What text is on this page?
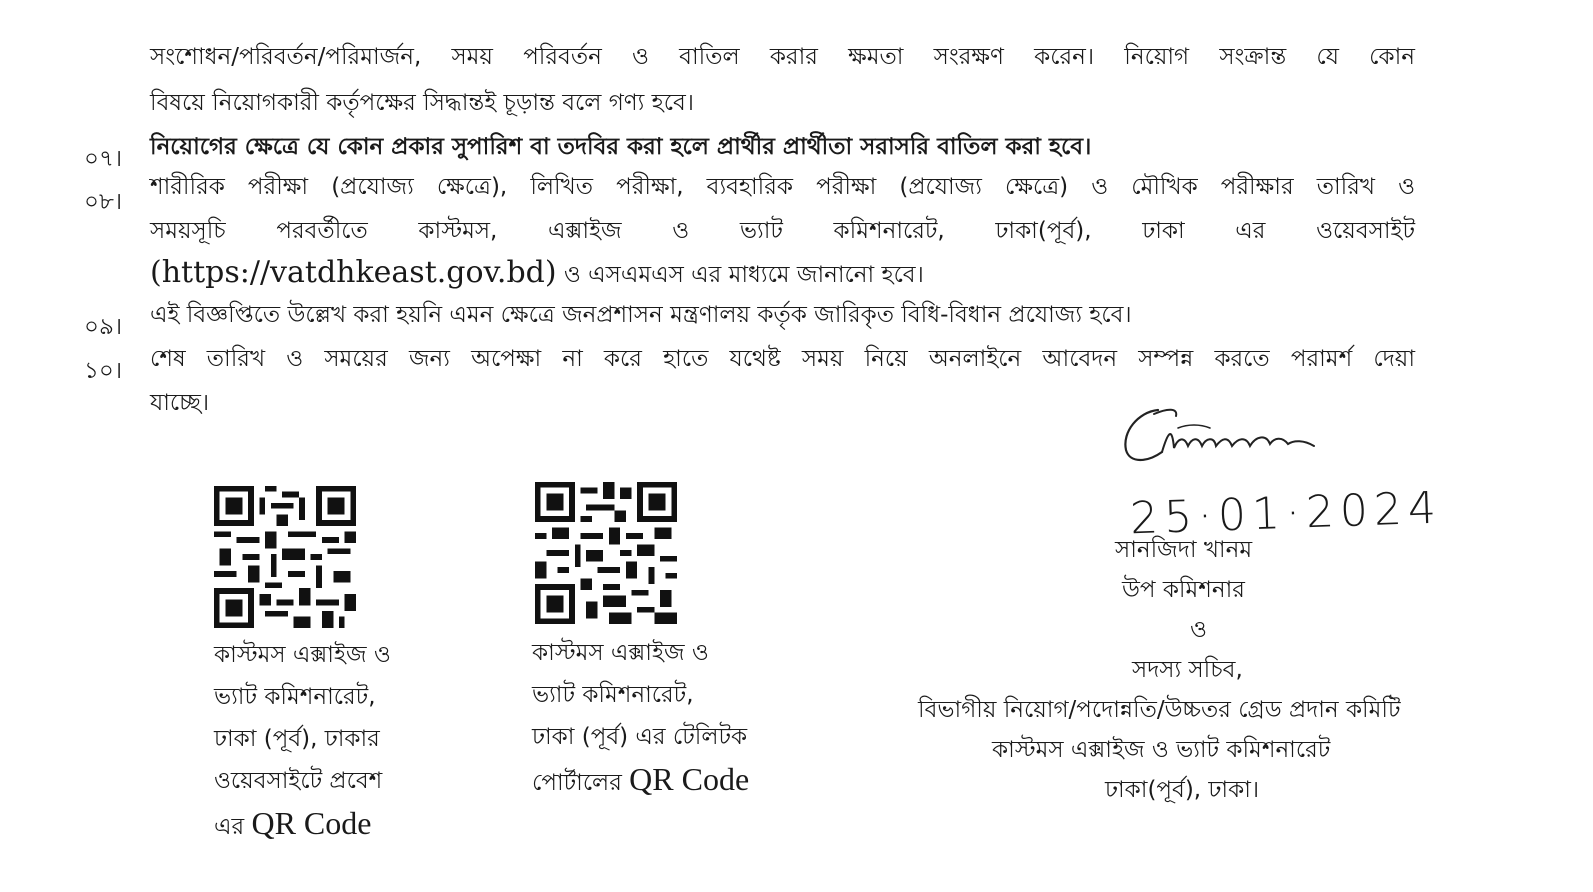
সংশোধন/পরিবর্তন/পরিমার্জন, সময় পরিবর্তন ও বাতিল করার ক্ষমতা সংরক্ষণ করেন। নিয়োগ সংক্রান্ত যে কোন
বিষয়ে নিয়োগকারী কর্তৃপক্ষের সিদ্ধান্তই চূড়ান্ত বলে গণ্য হবে।
০৭। নিয়োগের ক্ষেত্রে যে কোন প্রকার সুপারিশ বা তদবির করা হলে প্রার্থীর প্রার্থীতা সরাসরি বাতিল করা হবে।
০৮।
শারীরিক পরীক্ষা (প্রযোজ্য ক্ষেত্রে), লিখিত পরীক্ষা, ব্যবহারিক পরীক্ষা (প্রযোজ্য ক্ষেত্রে) ও মৌখিক পরীক্ষার তারিখ ও
সময়সূচি পরবর্তীতে কাস্টমস, এক্সাইজ ও ভ্যাট কমিশনারেট, ঢাকা(পূর্ব), ঢাকা এর ওয়েবসাইট
(https://vatdhkeast.gov.bd) ও এসএমএস এর মাধ্যমে জানানো হবে।
০৯। এই বিজ্ঞপ্তিতে উল্লেখ করা হয়নি এমন ক্ষেত্রে জনপ্রশাসন মন্ত্রণালয় কর্তৃক জারিকৃত বিধি-বিধান প্রযোজ্য হবে।
১০। শেষ তারিখ ও সময়ের জন্য অপেক্ষা না করে হাতে যথেষ্ট সময় নিয়ে অনলাইনে আবেদন সম্পন্ন করতে পরামর্শ দেয়া
যাচ্ছে।
কাস্টমস এক্সাইজ ও
ভ্যাট কমিশনারেট,
ঢাকা (পূর্ব), ঢাকার
ওয়েবসাইটে প্রবেশ
এর QR Code
কাস্টমস এক্সাইজ ও
ভ্যাট কমিশনারেট,
ঢাকা (পূর্ব) এর টেলিটক
পোর্টালের QR Code
25·01·2024
সানজিদা খানম
উপ কমিশনার
ও
সদস্য সচিব,
বিভাগীয় নিয়োগ/পদোন্নতি/উচ্চতর গ্রেড প্রদান কমিটি
কাস্টমস এক্সাইজ ও ভ্যাট কমিশনারেট
ঢাকা(পূর্ব), ঢাকা।
